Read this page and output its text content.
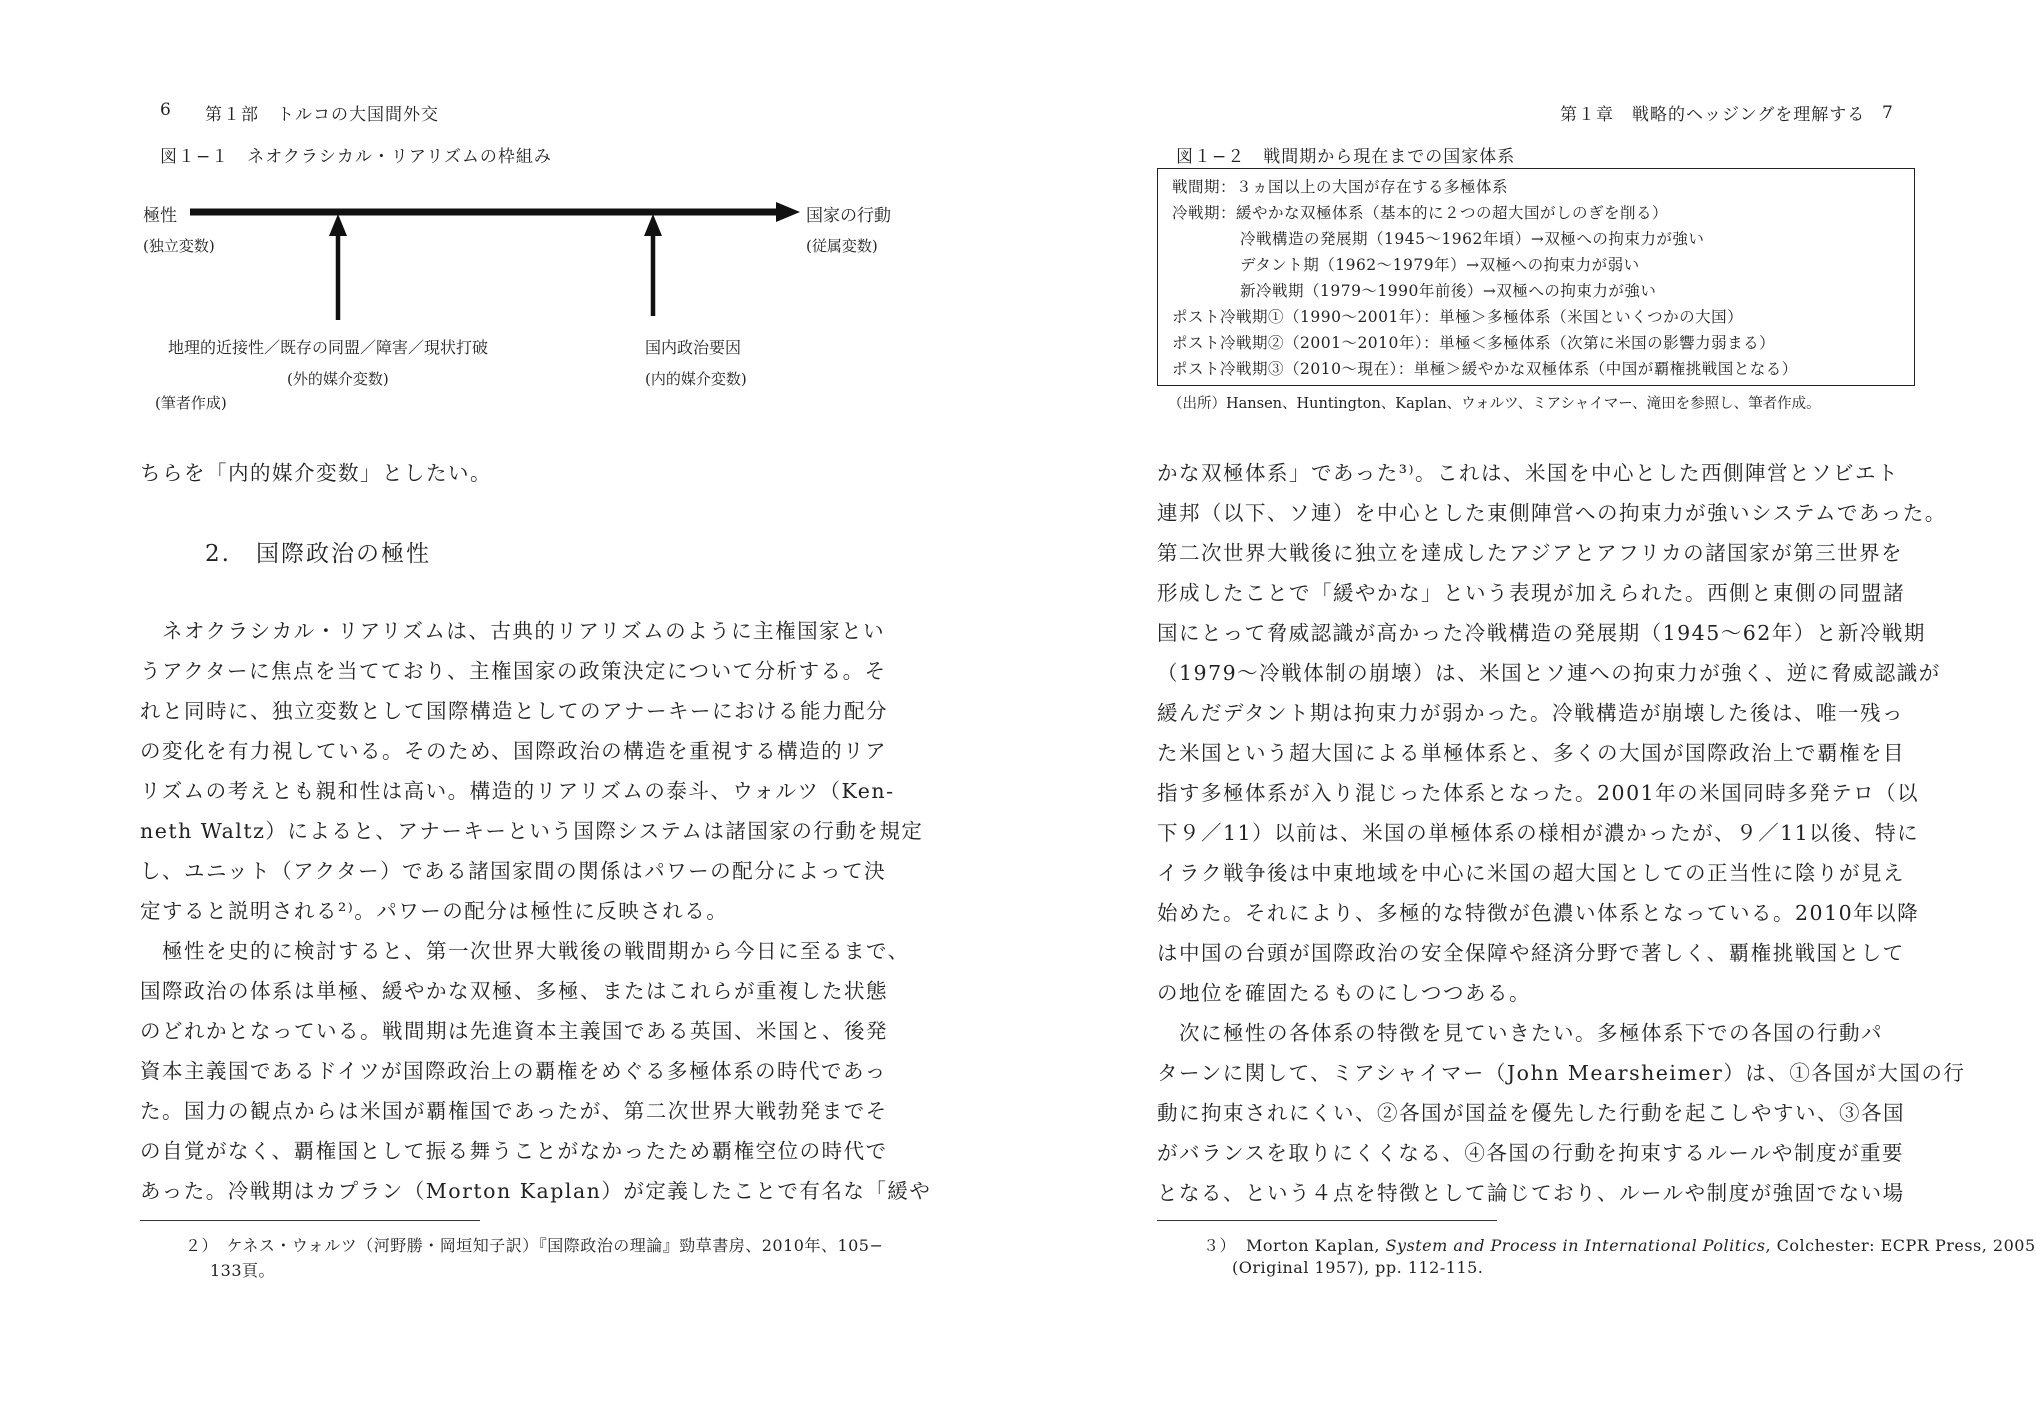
6 第１部　トルコの大国間外交
図１−１　ネオクラシカル・リアリズムの枠組み
極性
(独立変数)
国家の行動
(従属変数)
地理的近接性／既存の同盟／障害／現状打破
(外的媒介変数)
国内政治要因
(内的媒介変数)
(筆者作成)
ちらを「内的媒介変数」としたい。
2.　国際政治の極性
　ネオクラシカル・リアリズムは、古典的リアリズムのように主権国家とい
うアクターに焦点を当てており、主権国家の政策決定について分析する。そ
れと同時に、独立変数として国際構造としてのアナーキーにおける能力配分
の変化を有力視している。そのため、国際政治の構造を重視する構造的リア
リズムの考えとも親和性は高い。構造的リアリズムの泰斗、ウォルツ（Ken-
neth Waltz）によると、アナーキーという国際システムは諸国家の行動を規定
し、ユニット（アクター）である諸国家間の関係はパワーの配分によって決
定すると説明される²⁾。パワーの配分は極性に反映される。
　極性を史的に検討すると、第一次世界大戦後の戦間期から今日に至るまで、
国際政治の体系は単極、緩やかな双極、多極、またはこれらが重複した状態
のどれかとなっている。戦間期は先進資本主義国である英国、米国と、後発
資本主義国であるドイツが国際政治上の覇権をめぐる多極体系の時代であっ
た。国力の観点からは米国が覇権国であったが、第二次世界大戦勃発までそ
の自覚がなく、覇権国として振る舞うことがなかったため覇権空位の時代で
あった。冷戦期はカプラン（Morton Kaplan）が定義したことで有名な「緩や
２）　ケネス・ウォルツ（河野勝・岡垣知子訳）『国際政治の理論』勁草書房、2010年、105−
133頁。
第１章　戦略的ヘッジングを理解する 7
図１−２　戦間期から現在までの国家体系
戦間期：３ヵ国以上の大国が存在する多極体系
冷戦期：緩やかな双極体系（基本的に２つの超大国がしのぎを削る）
冷戦構造の発展期（1945〜1962年頃）→双極への拘束力が強い
デタント期（1962〜1979年）→双極への拘束力が弱い
新冷戦期（1979〜1990年前後）→双極への拘束力が強い
ポスト冷戦期①（1990〜2001年）：単極＞多極体系（米国といくつかの大国）
ポスト冷戦期②（2001〜2010年）：単極＜多極体系（次第に米国の影響力弱まる）
ポスト冷戦期③（2010〜現在）：単極＞緩やかな双極体系（中国が覇権挑戦国となる）
（出所）Hansen、Huntington、Kaplan、ウォルツ、ミアシャイマー、滝田を参照し、筆者作成。
かな双極体系」であった³⁾。これは、米国を中心とした西側陣営とソビエト
連邦（以下、ソ連）を中心とした東側陣営への拘束力が強いシステムであった。
第二次世界大戦後に独立を達成したアジアとアフリカの諸国家が第三世界を
形成したことで「緩やかな」という表現が加えられた。西側と東側の同盟諸
国にとって脅威認識が高かった冷戦構造の発展期（1945〜62年）と新冷戦期
（1979〜冷戦体制の崩壊）は、米国とソ連への拘束力が強く、逆に脅威認識が
緩んだデタント期は拘束力が弱かった。冷戦構造が崩壊した後は、唯一残っ
た米国という超大国による単極体系と、多くの大国が国際政治上で覇権を目
指す多極体系が入り混じった体系となった。2001年の米国同時多発テロ（以
下９／11）以前は、米国の単極体系の様相が濃かったが、９／11以後、特に
イラク戦争後は中東地域を中心に米国の超大国としての正当性に陰りが見え
始めた。それにより、多極的な特徴が色濃い体系となっている。2010年以降
は中国の台頭が国際政治の安全保障や経済分野で著しく、覇権挑戦国として
の地位を確固たるものにしつつある。
　次に極性の各体系の特徴を見ていきたい。多極体系下での各国の行動パ
ターンに関して、ミアシャイマー（John Mearsheimer）は、①各国が大国の行
動に拘束されにくい、②各国が国益を優先した行動を起こしやすい、③各国
がバランスを取りにくくなる、④各国の行動を拘束するルールや制度が重要
となる、という４点を特徴として論じており、ルールや制度が強固でない場
３） Morton Kaplan, System and Process in International Politics, Colchester: ECPR Press, 2005
(Original 1957), pp. 112-115.
